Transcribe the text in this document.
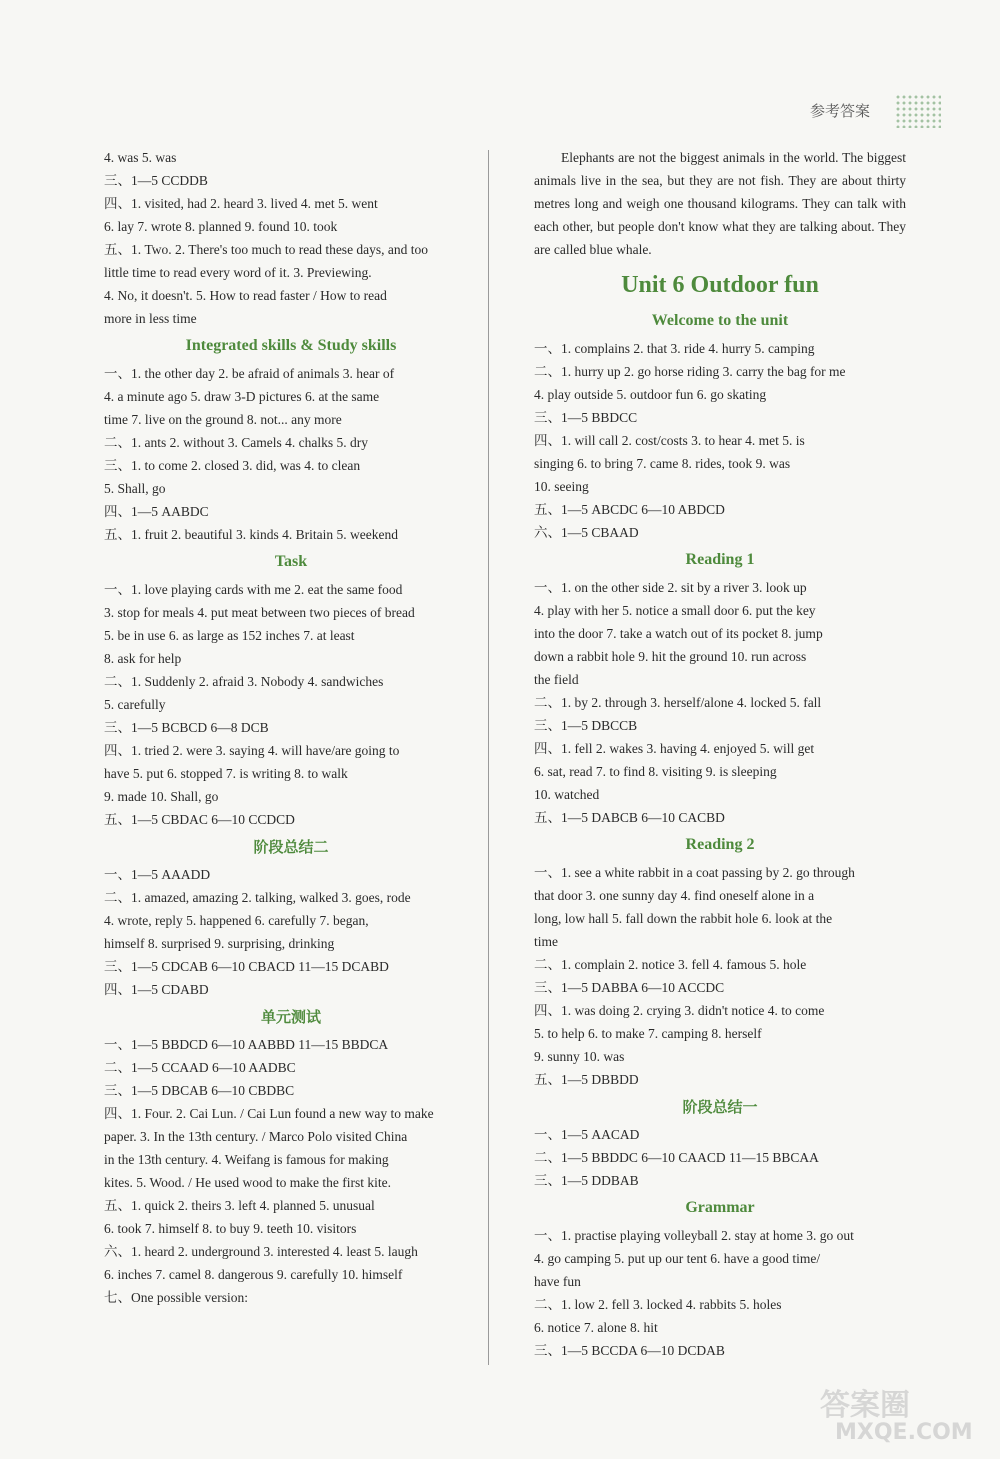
参考答案
4. was 5. was
三、1—5 CCDDB
四、1. visited, had 2. heard 3. lived 4. met 5. went
6. lay 7. wrote 8. planned 9. found 10. took
五、1. Two. 2. There's too much to read these days, and too
little time to read every word of it. 3. Previewing.
4. No, it doesn't. 5. How to read faster / How to read
more in less time
Integrated skills & Study skills
一、1. the other day 2. be afraid of animals 3. hear of
4. a minute ago 5. draw 3-D pictures 6. at the same
time 7. live on the ground 8. not... any more
二、1. ants 2. without 3. Camels 4. chalks 5. dry
三、1. to come 2. closed 3. did, was 4. to clean
5. Shall, go
四、1—5 AABDC
五、1. fruit 2. beautiful 3. kinds 4. Britain 5. weekend
Task
一、1. love playing cards with me 2. eat the same food
3. stop for meals 4. put meat between two pieces of bread
5. be in use 6. as large as 152 inches 7. at least
8. ask for help
二、1. Suddenly 2. afraid 3. Nobody 4. sandwiches
5. carefully
三、1—5 BCBCD 6—8 DCB
四、1. tried 2. were 3. saying 4. will have/are going to
have 5. put 6. stopped 7. is writing 8. to walk
9. made 10. Shall, go
五、1—5 CBDAC 6—10 CCDCD
阶段总结二
一、1—5 AAADD
二、1. amazed, amazing 2. talking, walked 3. goes, rode
4. wrote, reply 5. happened 6. carefully 7. began,
himself 8. surprised 9. surprising, drinking
三、1—5 CDCAB 6—10 CBACD 11—15 DCABD
四、1—5 CDABD
单元测试
一、1—5 BBDCD 6—10 AABBD 11—15 BBDCA
二、1—5 CCAAD 6—10 AADBC
三、1—5 DBCAB 6—10 CBDBC
四、1. Four. 2. Cai Lun. / Cai Lun found a new way to make
paper. 3. In the 13th century. / Marco Polo visited China
in the 13th century. 4. Weifang is famous for making
kites. 5. Wood. / He used wood to make the first kite.
五、1. quick 2. theirs 3. left 4. planned 5. unusual
6. took 7. himself 8. to buy 9. teeth 10. visitors
六、1. heard 2. underground 3. interested 4. least 5. laugh
6. inches 7. camel 8. dangerous 9. carefully 10. himself
七、One possible version:
Elephants are not the biggest animals in the world. The biggest animals live in the sea, but they are not fish. They are about thirty metres long and weigh one thousand kilograms. They can talk with each other, but people don't know what they are talking about. They are called blue whale.
Unit 6 Outdoor fun
Welcome to the unit
一、1. complains 2. that 3. ride 4. hurry 5. camping
二、1. hurry up 2. go horse riding 3. carry the bag for me
4. play outside 5. outdoor fun 6. go skating
三、1—5 BBDCC
四、1. will call 2. cost/costs 3. to hear 4. met 5. is
singing 6. to bring 7. came 8. rides, took 9. was
10. seeing
五、1—5 ABCDC 6—10 ABDCD
六、1—5 CBAAD
Reading 1
一、1. on the other side 2. sit by a river 3. look up
4. play with her 5. notice a small door 6. put the key
into the door 7. take a watch out of its pocket 8. jump
down a rabbit hole 9. hit the ground 10. run across
the field
二、1. by 2. through 3. herself/alone 4. locked 5. fall
三、1—5 DBCCB
四、1. fell 2. wakes 3. having 4. enjoyed 5. will get
6. sat, read 7. to find 8. visiting 9. is sleeping
10. watched
五、1—5 DABCB 6—10 CACBD
Reading 2
一、1. see a white rabbit in a coat passing by 2. go through
that door 3. one sunny day 4. find oneself alone in a
long, low hall 5. fall down the rabbit hole 6. look at the
time
二、1. complain 2. notice 3. fell 4. famous 5. hole
三、1—5 DABBA 6—10 ACCDC
四、1. was doing 2. crying 3. didn't notice 4. to come
5. to help 6. to make 7. camping 8. herself
9. sunny 10. was
五、1—5 DBBDD
阶段总结一
一、1—5 AACAD
二、1—5 BBDDC 6—10 CAACD 11—15 BBCAA
三、1—5 DDBAB
Grammar
一、1. practise playing volleyball 2. stay at home 3. go out
4. go camping 5. put up our tent 6. have a good time/
have fun
二、1. low 2. fell 3. locked 4. rabbits 5. holes
6. notice 7. alone 8. hit
三、1—5 BCCDA 6—10 DCDAB
答案圈
MXQE.COM
